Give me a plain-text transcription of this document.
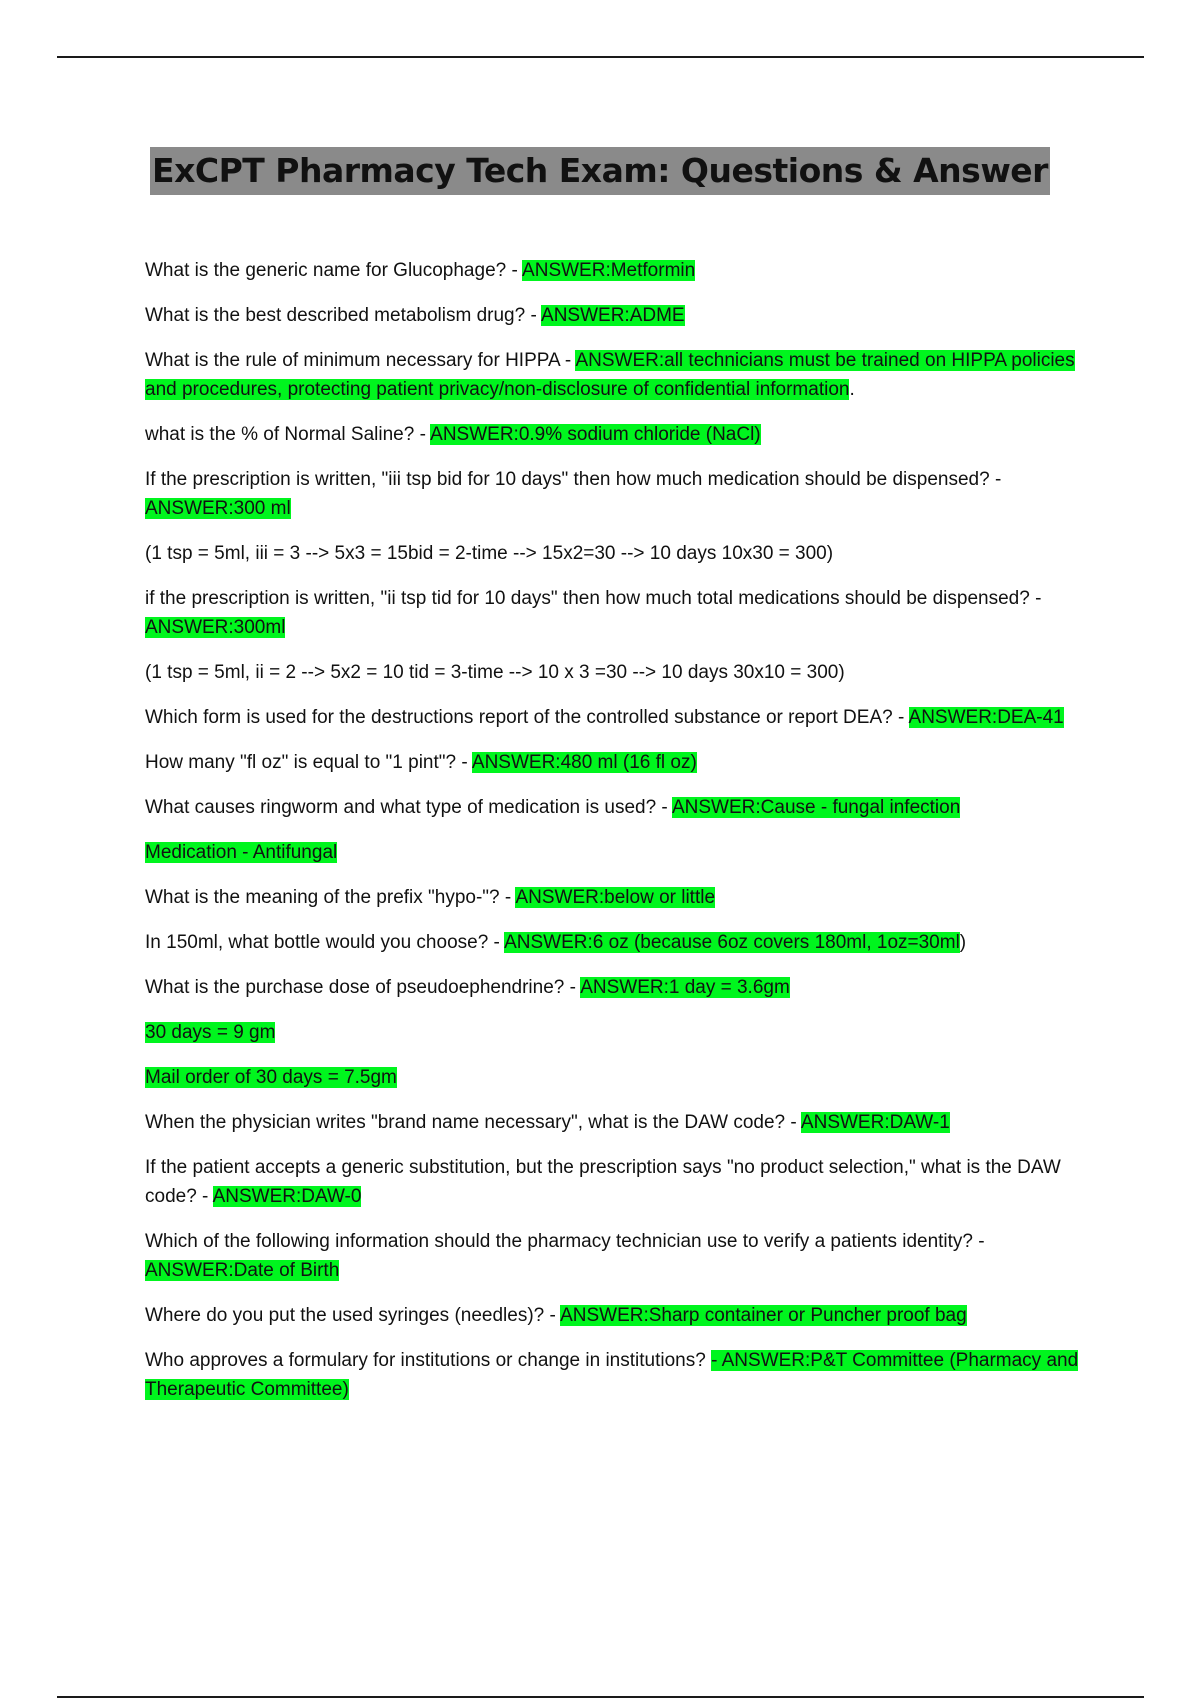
ExCPT Pharmacy Tech Exam: Questions & Answer

What is the generic name for Glucophage? - ANSWER:Metformin

What is the best described metabolism drug? - ANSWER:ADME

What is the rule of minimum necessary for HIPPA - ANSWER:all technicians must be trained on HIPPA policies and procedures, protecting patient privacy/non-disclosure of confidential information.

what is the % of Normal Saline? - ANSWER:0.9% sodium chloride (NaCl)

If the prescription is written, "iii tsp bid for 10 days" then how much medication should be dispensed? - ANSWER:300 ml

(1 tsp = 5ml, iii = 3 --> 5x3 = 15bid = 2-time --> 15x2=30 --> 10 days 10x30 = 300)

if the prescription is written, "ii tsp tid for 10 days" then how much total medications should be dispensed? - ANSWER:300ml

(1 tsp = 5ml, ii = 2 --> 5x2 = 10 tid = 3-time --> 10 x 3 =30 --> 10 days 30x10 = 300)

Which form is used for the destructions report of the controlled substance or report DEA? - ANSWER:DEA-41

How many "fl oz" is equal to "1 pint"? - ANSWER:480 ml (16 fl oz)

What causes ringworm and what type of medication is used? - ANSWER:Cause - fungal infection

Medication - Antifungal

What is the meaning of the prefix "hypo-"? - ANSWER:below or little

In 150ml, what bottle would you choose? - ANSWER:6 oz (because 6oz covers 180ml, 1oz=30ml)

What is the purchase dose of pseudoephendrine? - ANSWER:1 day = 3.6gm

30 days = 9 gm

Mail order of 30 days = 7.5gm

When the physician writes "brand name necessary", what is the DAW code? - ANSWER:DAW-1

If the patient accepts a generic substitution, but the prescription says "no product selection," what is the DAW code? - ANSWER:DAW-0

Which of the following information should the pharmacy technician use to verify a patients identity? - ANSWER:Date of Birth

Where do you put the used syringes (needles)? - ANSWER:Sharp container or Puncher proof bag

Who approves a formulary for institutions or change in institutions? - ANSWER:P&T Committee (Pharmacy and Therapeutic Committee)
